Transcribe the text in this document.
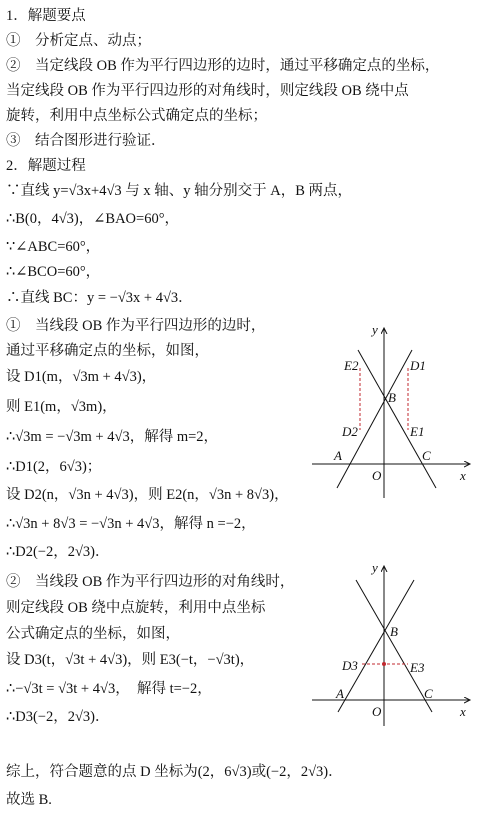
1．解题要点
①　分析定点、动点；
②　当定线段 OB 作为平行四边形的边时，通过平移确定点的坐标，
当定线段 OB 作为平行四边形的对角线时，则定线段 OB 绕中点
旋转，利用中点坐标公式确定点的坐标；
③　结合图形进行验证．
2．解题过程
∵直线 y=√3x+4√3 与 x 轴、y 轴分别交于 A，B 两点，
∴B(0，4√3)，∠BAO=60°，
∵∠ABC=60°，
∴∠BCO=60°，
∴直线 BC：y = −√3x + 4√3．
①　当线段 OB 作为平行四边形的边时，
通过平移确定点的坐标，如图，
设 D1(m，√3m + 4√3)，
则 E1(m，√3m)，
∴√3m = −√3m + 4√3，解得 m=2，
∴D1(2，6√3)；
设 D2(n，√3n + 4√3)，则 E2(n，√3n + 8√3)，
∴√3n + 8√3 = −√3n + 4√3，解得 n =−2，
∴D2(−2，2√3)．
②　当线段 OB 作为平行四边形的对角线时，
则定线段 OB 绕中点旋转，利用中点坐标
公式确定点的坐标，如图，
设 D3(t，√3t + 4√3)，则 E3(−t，−√3t)，
∴−√3t = √3t + 4√3，　解得 t=−2，
∴D3(−2，2√3)．
综上，符合题意的点 D 坐标为(2，6√3)或(−2，2√3)．
故选 B.
y
E2	D1
B
D2	E1
A	C
O	x
y
B
D3	E3
A	C
O	x
